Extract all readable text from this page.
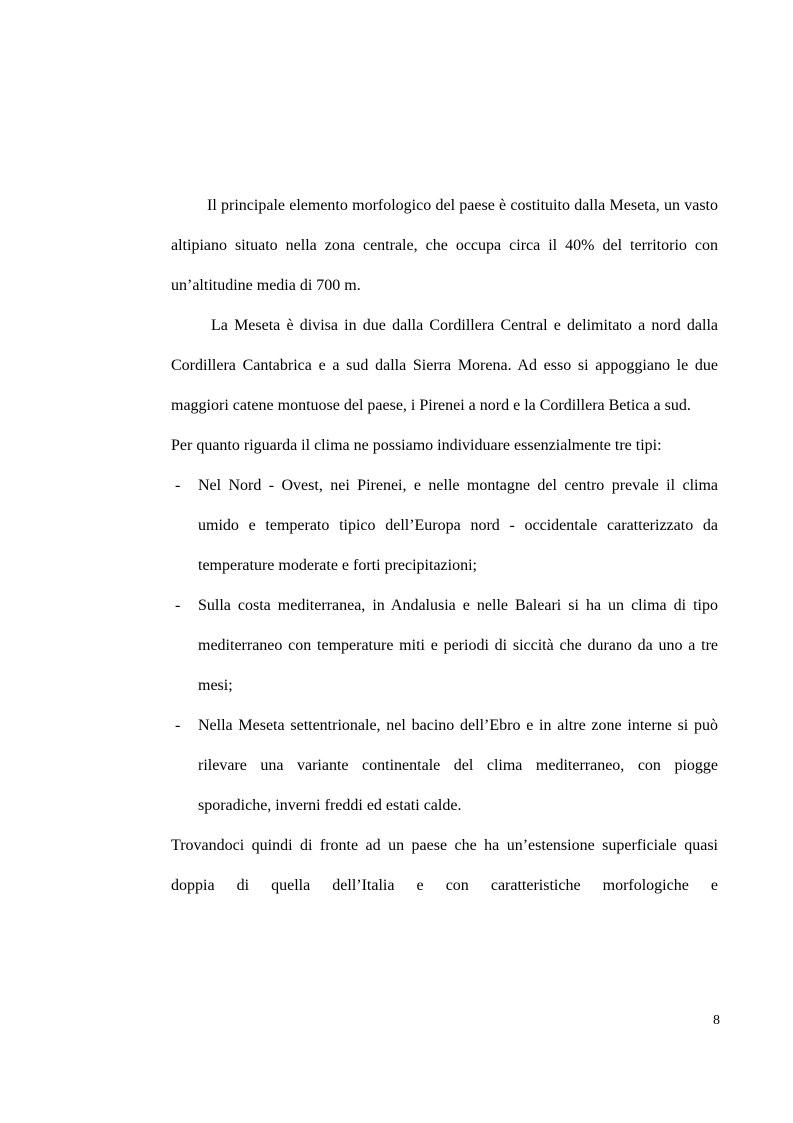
Il principale elemento morfologico del paese è costituito dalla Meseta, un vasto altipiano situato nella zona centrale, che occupa circa il 40% del territorio con un’altitudine media di 700 m.

La Meseta è divisa in due dalla Cordillera Central e delimitato a nord dalla Cordillera Cantabrica e a sud dalla Sierra Morena. Ad esso si appoggiano le due maggiori catene montuose del paese, i Pirenei a nord e la Cordillera Betica a sud.

Per quanto riguarda il clima ne possiamo individuare essenzialmente tre tipi:

- Nel Nord - Ovest, nei Pirenei, e nelle montagne del centro prevale il clima umido e temperato tipico dell’Europa nord - occidentale caratterizzato da temperature moderate e forti precipitazioni;
- Sulla costa mediterranea, in Andalusia e nelle Baleari si ha un clima di tipo mediterraneo con temperature miti e periodi di siccità che durano da uno a tre mesi;
- Nella Meseta settentrionale, nel bacino dell’Ebro e in altre zone interne si può rilevare una variante continentale del clima mediterraneo, con piogge sporadiche, inverni freddi ed estati calde.

Trovandoci quindi di fronte ad un paese che ha un’estensione superficiale quasi doppia di quella dell’Italia e con caratteristiche morfologiche e

8
